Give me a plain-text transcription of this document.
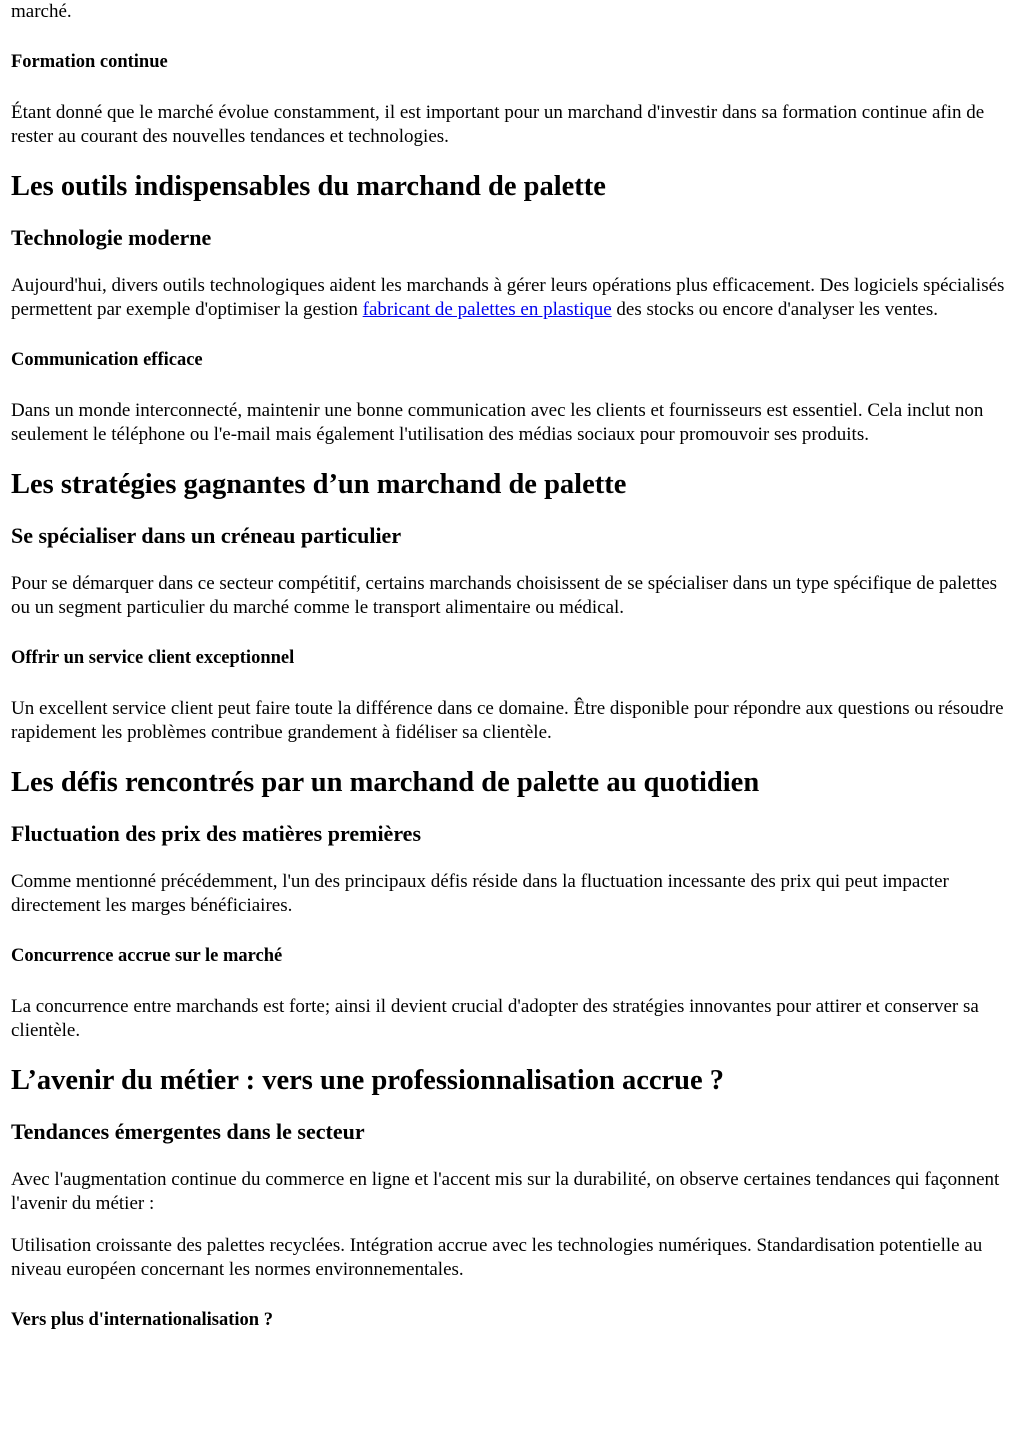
marché.

Formation continue

Étant donné que le marché évolue constamment, il est important pour un marchand d'investir dans sa formation continue afin de rester au courant des nouvelles tendances et technologies.

Les outils indispensables du marchand de palette

Technologie moderne

Aujourd'hui, divers outils technologiques aident les marchands à gérer leurs opérations plus efficacement. Des logiciels spécialisés permettent par exemple d'optimiser la gestion fabricant de palettes en plastique des stocks ou encore d'analyser les ventes.

Communication efficace

Dans un monde interconnecté, maintenir une bonne communication avec les clients et fournisseurs est essentiel. Cela inclut non seulement le téléphone ou l'e-mail mais également l'utilisation des médias sociaux pour promouvoir ses produits.

Les stratégies gagnantes d’un marchand de palette

Se spécialiser dans un créneau particulier

Pour se démarquer dans ce secteur compétitif, certains marchands choisissent de se spécialiser dans un type spécifique de palettes ou un segment particulier du marché comme le transport alimentaire ou médical.

Offrir un service client exceptionnel

Un excellent service client peut faire toute la différence dans ce domaine. Être disponible pour répondre aux questions ou résoudre rapidement les problèmes contribue grandement à fidéliser sa clientèle.

Les défis rencontrés par un marchand de palette au quotidien

Fluctuation des prix des matières premières

Comme mentionné précédemment, l'un des principaux défis réside dans la fluctuation incessante des prix qui peut impacter directement les marges bénéficiaires.

Concurrence accrue sur le marché

La concurrence entre marchands est forte; ainsi il devient crucial d'adopter des stratégies innovantes pour attirer et conserver sa clientèle.

L’avenir du métier : vers une professionnalisation accrue ?

Tendances émergentes dans le secteur

Avec l'augmentation continue du commerce en ligne et l'accent mis sur la durabilité, on observe certaines tendances qui façonnent l'avenir du métier :

Utilisation croissante des palettes recyclées. Intégration accrue avec les technologies numériques. Standardisation potentielle au niveau européen concernant les normes environnementales.

Vers plus d'internationalisation ?
